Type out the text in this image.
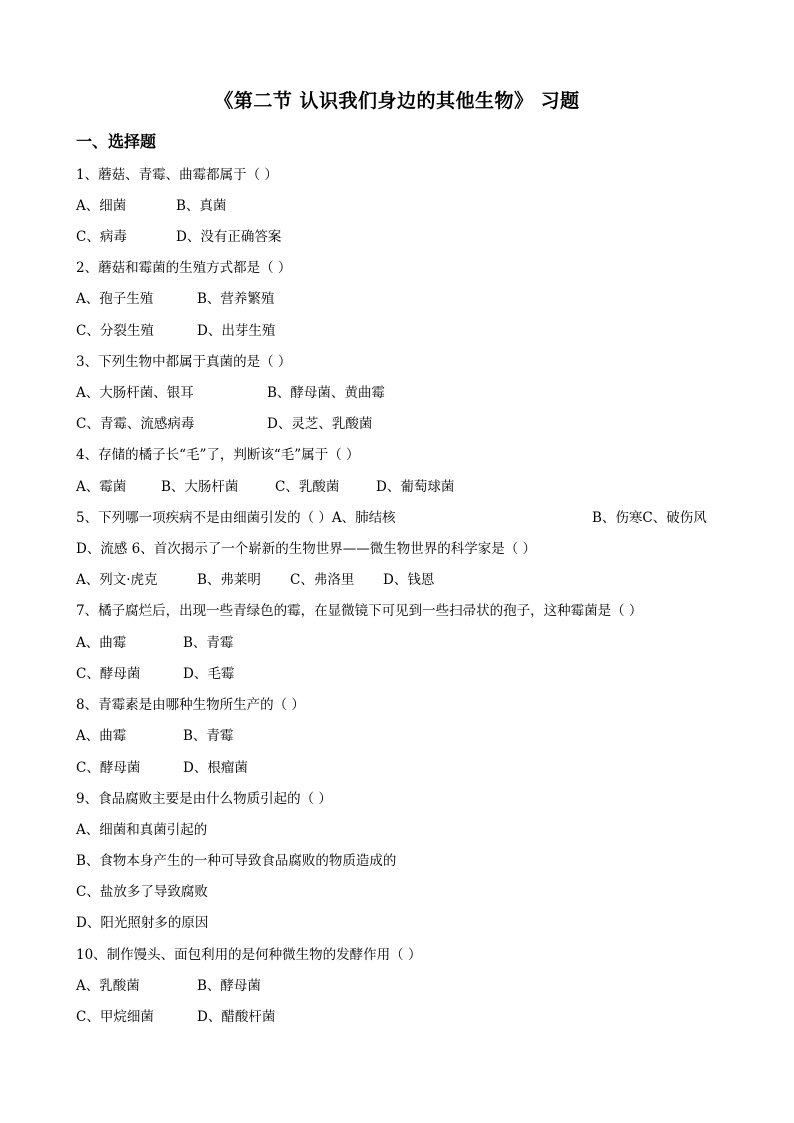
《第二节 认识我们身边的其他生物》 习题
一、选择题
1、蘑菇、青霉、曲霉都属于（ ）
A、细菌	B、真菌
C、病毒	D、没有正确答案
2、蘑菇和霉菌的生殖方式都是（ ）
A、孢子生殖	B、营养繁殖
C、分裂生殖	D、出芽生殖
3、下列生物中都属于真菌的是（ ）
A、大肠杆菌、银耳	B、酵母菌、黄曲霉
C、青霉、流感病毒	D、灵芝、乳酸菌
4、存储的橘子长“毛”了，判断该“毛”属于（ ）
A、霉菌	B、大肠杆菌	C、乳酸菌	D、葡萄球菌
5、下列哪一项疾病不是由细菌引发的（ ）A、肺结核	B、伤寒C、破伤风
D、流感 6、首次揭示了一个崭新的生物世界——微生物世界的科学家是（ ）
A、列文·虎克	B、弗莱明 C、弗洛里 D、钱恩
7、橘子腐烂后，出现一些青绿色的霉，在显微镜下可见到一些扫帚状的孢子，这种霉菌是（ ）
A、曲霉	B、青霉
C、酵母菌	D、毛霉
8、青霉素是由哪种生物所生产的（ ）
A、曲霉	B、青霉
C、酵母菌	D、根瘤菌
9、食品腐败主要是由什么物质引起的（ ）
A、细菌和真菌引起的
B、食物本身产生的一种可导致食品腐败的物质造成的
C、盐放多了导致腐败
D、阳光照射多的原因
10、制作馒头、面包利用的是何种微生物的发酵作用（ ）
A、乳酸菌	B、酵母菌
C、甲烷细菌	D、醋酸杆菌
